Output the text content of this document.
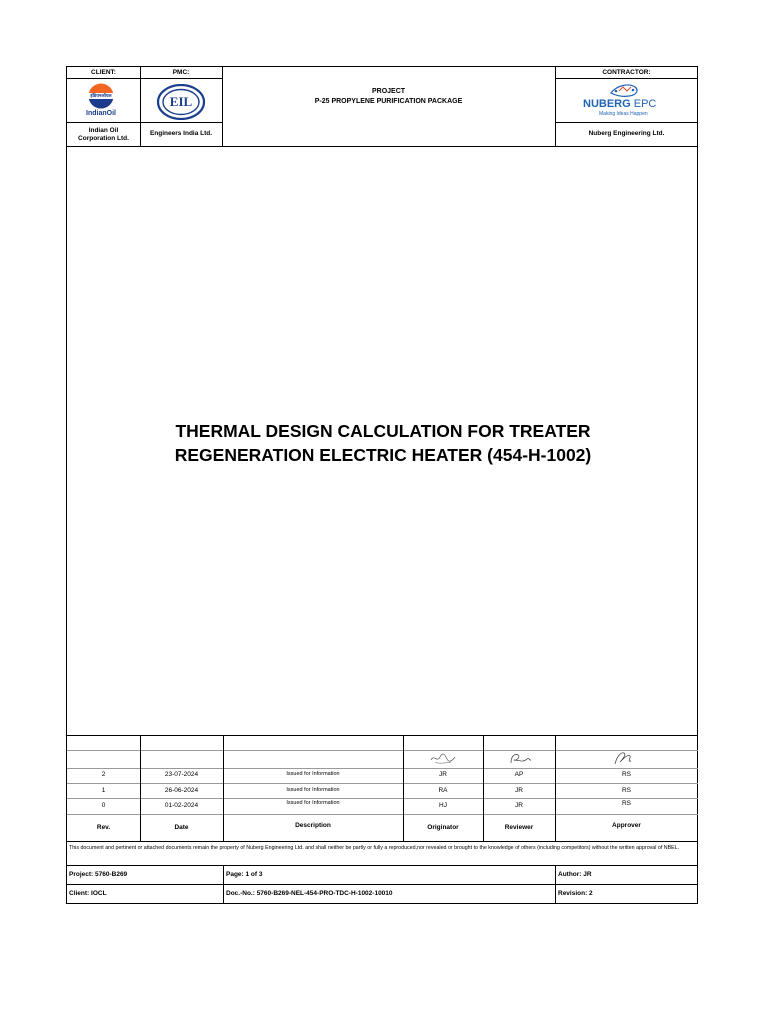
CLIENT:	PMC:	CONTRACTOR:
PROJECT
P-25 PROPYLENE PURIFICATION PACKAGE
इंडियनऑयल
IndianOil
EIL	NUBERG EPC
Making Ideas Happen
Indian Oil
Corporation Ltd.
Engineers India Ltd.	Nuberg Engineering Ltd.
THERMAL DESIGN CALCULATION FOR TREATER
REGENERATION ELECTRIC HEATER (454-H-1002)
2	23-07-2024	Issued for Information	JR	AP	RS
1	26-06-2024	Issued for Information	RA	JR	RS
0	01-02-2024	Issued for Information	HJ	JR	RS
Rev.	Date	Description	Originator	Reviewer	Approver
This document and pertinent or attached documents remain the property of Nuberg Engineering Ltd. and shall neither be partly or fully a reproduced,nor revealed or brought to the knowledge of others (including competitors) without the written approval of NBEL.
Project: 5760-B269	Page: 1 of 3	Author: JR
Client: IOCL	Doc.-No.: 5760-B269-NEL-454-PRO-TDC-H-1002-10010	Revision: 2
